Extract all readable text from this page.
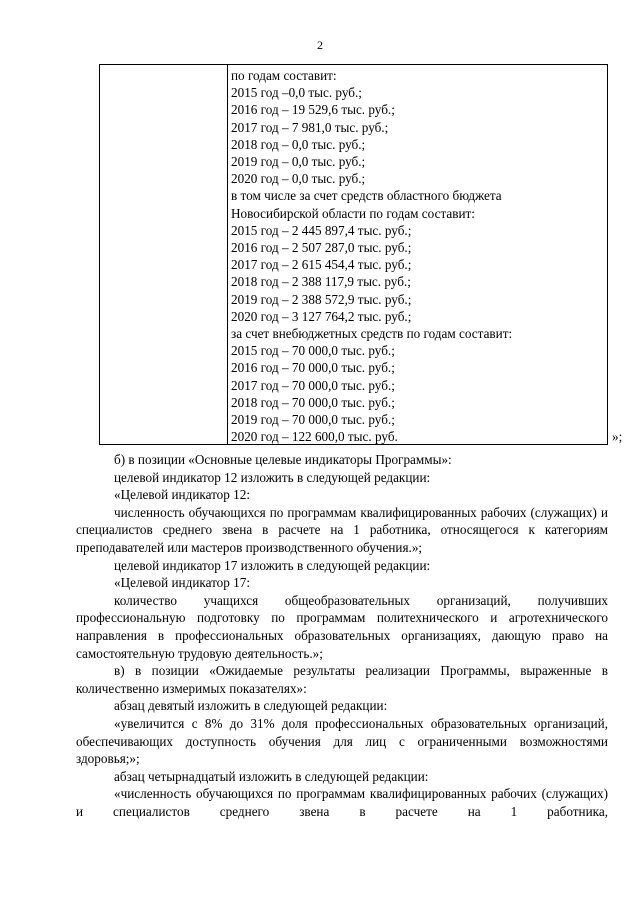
2
по годам составит:
2015 год –0,0 тыс. руб.;
2016 год – 19 529,6 тыс. руб.;
2017 год – 7 981,0 тыс. руб.;
2018 год – 0,0 тыс. руб.;
2019 год – 0,0 тыс. руб.;
2020 год – 0,0 тыс. руб.;
в том числе за счет средств областного бюджета
Новосибирской области по годам составит:
2015 год – 2 445 897,4 тыс. руб.;
2016 год – 2 507 287,0 тыс. руб.;
2017 год – 2 615 454,4 тыс. руб.;
2018 год – 2 388 117,9 тыс. руб.;
2019 год – 2 388 572,9 тыс. руб.;
2020 год – 3 127 764,2 тыс. руб.;
за счет внебюджетных средств по годам составит:
2015 год – 70 000,0 тыс. руб.;
2016 год – 70 000,0 тыс. руб.;
2017 год – 70 000,0 тыс. руб.;
2018 год – 70 000,0 тыс. руб.;
2019 год – 70 000,0 тыс. руб.;
2020 год – 122 600,0 тыс. руб.	»;

б) в позиции «Основные целевые индикаторы Программы»:

целевой индикатор 12 изложить в следующей редакции:

«Целевой индикатор 12:

численность обучающихся по программам квалифицированных рабочих (служащих) и специалистов среднего звена в расчете на 1 работника, относящегося к категориям преподавателей или мастеров производственного обучения.»;

целевой индикатор 17 изложить в следующей редакции:

«Целевой индикатор 17:

количество учащихся общеобразовательных организаций, получивших профессиональную подготовку по программам политехнического и агротехнического направления в профессиональных образовательных организациях, дающую право на самостоятельную трудовую деятельность.»;

в) в позиции «Ожидаемые результаты реализации Программы, выраженные в количественно измеримых показателях»:

абзац девятый изложить в следующей редакции:

«увеличится с 8% до 31% доля профессиональных образовательных организаций, обеспечивающих доступность обучения для лиц с ограниченными возможностями здоровья;»;

абзац четырнадцатый изложить в следующей редакции:

«численность обучающихся по программам квалифицированных рабочих (служащих) и специалистов среднего звена в расчете на 1 работника,
